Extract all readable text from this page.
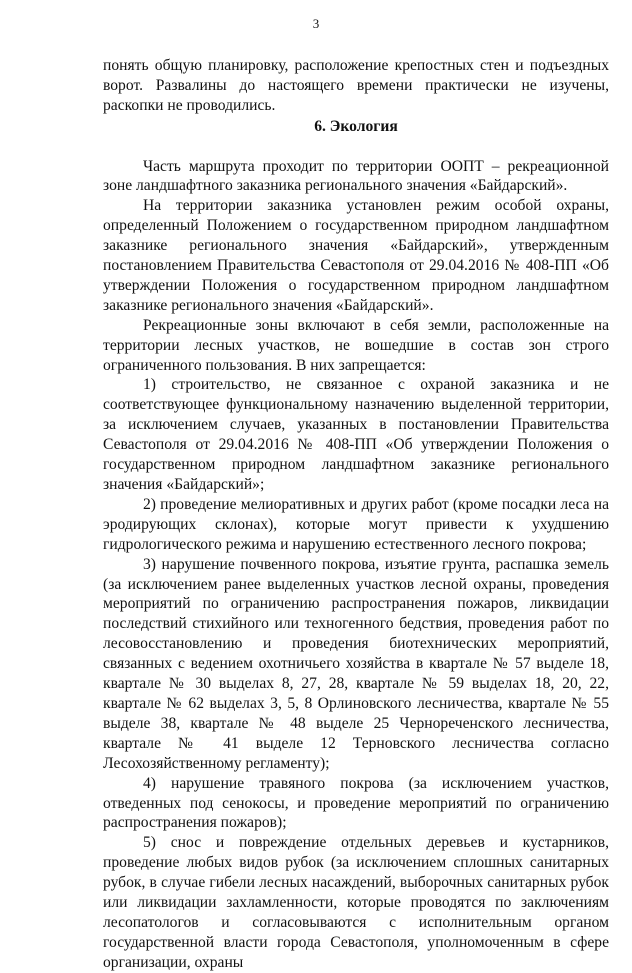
3

понять общую планировку, расположение крепостных стен и подъездных ворот. Развалины до настоящего времени практически не изучены, раскопки не проводились.

6. Экология

Часть маршрута проходит по территории ООПТ – рекреационной зоне ландшафтного заказника регионального значения «Байдарский».

На территории заказника установлен режим особой охраны, определенный Положением о государственном природном ландшафтном заказнике регионального значения «Байдарский», утвержденным постановлением Правительства Севастополя от 29.04.2016 № 408-ПП «Об утверждении Положения о государственном природном ландшафтном заказнике регионального значения «Байдарский».

Рекреационные зоны включают в себя земли, расположенные на территории лесных участков, не вошедшие в состав зон строго ограниченного пользования. В них запрещается:

1) строительство, не связанное с охраной заказника и не соответствующее функциональному назначению выделенной территории, за исключением случаев, указанных в постановлении Правительства Севастополя от 29.04.2016 № 408-ПП «Об утверждении Положения о государственном природном ландшафтном заказнике регионального значения «Байдарский»;

2) проведение мелиоративных и других работ (кроме посадки леса на эродирующих склонах), которые могут привести к ухудшению гидрологического режима и нарушению естественного лесного покрова;

3) нарушение почвенного покрова, изъятие грунта, распашка земель (за исключением ранее выделенных участков лесной охраны, проведения мероприятий по ограничению распространения пожаров, ликвидации последствий стихийного или техногенного бедствия, проведения работ по лесовосстановлению и проведения биотехнических мероприятий, связанных с ведением охотничьего хозяйства в квартале № 57 выделе 18, квартале № 30 выделах 8, 27, 28, квартале № 59 выделах 18, 20, 22, квартале № 62 выделах 3, 5, 8 Орлиновского лесничества, квартале № 55 выделе 38, квартале № 48 выделе 25 Чернореченского лесничества, квартале № 41 выделе 12 Терновского лесничества согласно Лесохозяйственному регламенту);

4) нарушение травяного покрова (за исключением участков, отведенных под сенокосы, и проведение мероприятий по ограничению распространения пожаров);

5) снос и повреждение отдельных деревьев и кустарников, проведение любых видов рубок (за исключением сплошных санитарных рубок, в случае гибели лесных насаждений, выборочных санитарных рубок или ликвидации захламленности, которые проводятся по заключениям лесопатологов и согласовываются с исполнительным органом государственной власти города Севастополя, уполномоченным в сфере организации, охраны
